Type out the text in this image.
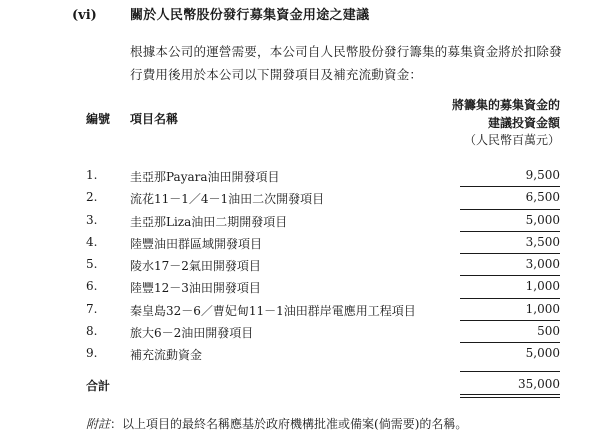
(vi)	關於人民幣股份發行募集資金用途之建議

根據本公司的運營需要，本公司自人民幣股份發行籌集的募集資金將於扣除發
行費用後用於本公司以下開發項目及補充流動資金：

編號 項目名稱
將籌集的募集資金的
建議投資金額
（人民幣百萬元）
1.	圭亞那Payara油田開發項目	9,500
2.	流花11－1／4－1油田二次開發項目	6,500
3.	圭亞那Liza油田二期開發項目	5,000
4.	陸豐油田群區域開發項目	3,500
5.	陵水17－2氣田開發項目	3,000
6.	陸豐12－3油田開發項目	1,000
7.	秦皇島32－6／曹妃甸11－1油田群岸電應用工程項目	1,000
8.	旅大6－2油田開發項目	500
9.	補充流動資金	5,000
合計	35,000
附註：以上項目的最終名稱應基於政府機構批准或備案(倘需要)的名稱。
